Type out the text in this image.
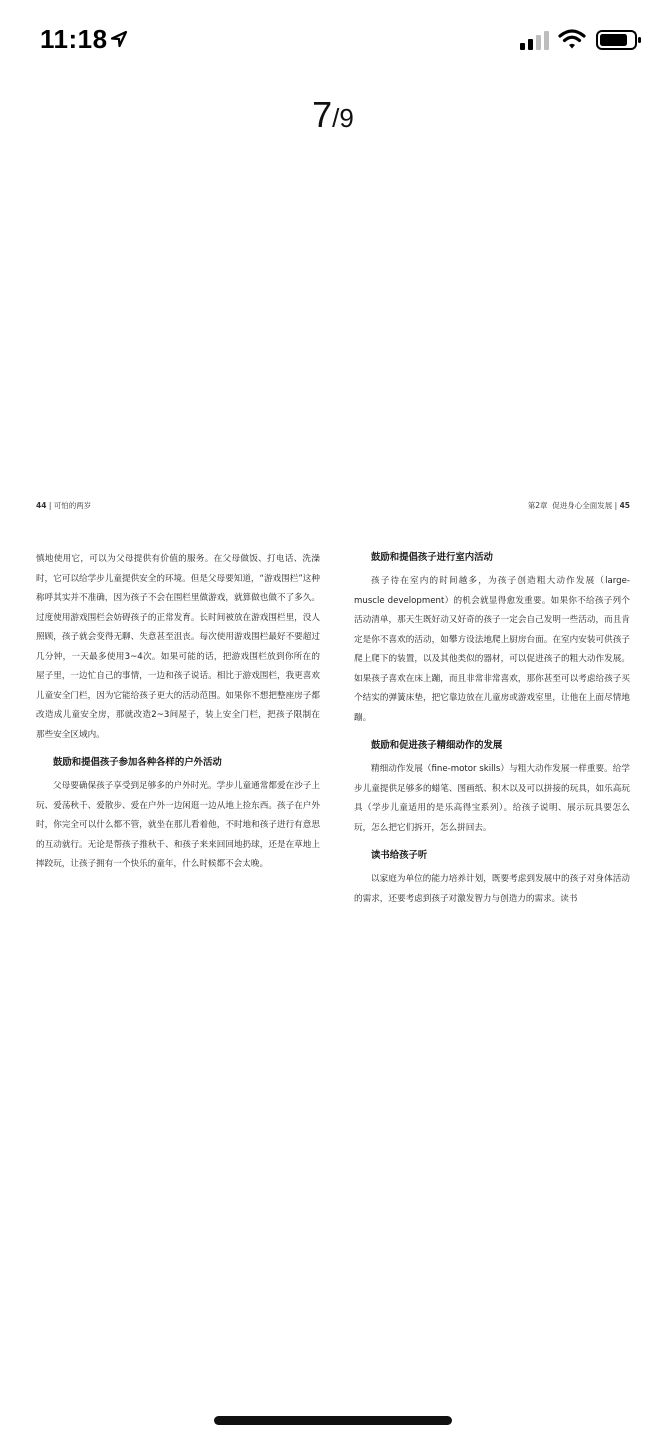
11:18
7/9
44 | 可怕的两岁

慎地使用它，可以为父母提供有价值的服务。在父母做饭、打电话、洗澡时，它可以给学步儿童提供安全的环境。但是父母要知道，“游戏围栏”这种称呼其实并不准确，因为孩子不会在围栏里做游戏，就算做也做不了多久。过度使用游戏围栏会妨碍孩子的正常发育。长时间被放在游戏围栏里，没人照顾，孩子就会变得无聊、失意甚至沮丧。每次使用游戏围栏最好不要超过几分钟，一天最多使用3~4次。如果可能的话，把游戏围栏放到你所在的屋子里，一边忙自己的事情，一边和孩子说话。相比于游戏围栏，我更喜欢儿童安全门栏，因为它能给孩子更大的活动范围。如果你不想把整座房子都改造成儿童安全房，那就改造2~3间屋子，装上安全门栏，把孩子限制在那些安全区域内。

鼓励和提倡孩子参加各种各样的户外活动

父母要确保孩子享受到足够多的户外时光。学步儿童通常都爱在沙子上玩、爱荡秋千、爱散步、爱在户外一边闲逛一边从地上捡东西。孩子在户外时，你完全可以什么都不管，就坐在那儿看着他，不时地和孩子进行有意思的互动就行。无论是帮孩子推秋千、和孩子来来回回地扔球，还是在草地上摔跤玩，让孩子拥有一个快乐的童年，什么时候都不会太晚。

第2章 促进身心全面发展 | 45

鼓励和提倡孩子进行室内活动

孩子待在室内的时间越多，为孩子创造粗大动作发展（large-muscle development）的机会就显得愈发重要。如果你不给孩子列个活动清单，那天生既好动又好奇的孩子一定会自己发明一些活动，而且肯定是你不喜欢的活动，如攀方设法地爬上厨房台面。在室内安装可供孩子爬上爬下的装置，以及其他类似的器材，可以促进孩子的粗大动作发展。如果孩子喜欢在床上蹦，而且非常非常喜欢，那你甚至可以考虑给孩子买个结实的弹簧床垫，把它靠边放在儿童房或游戏室里，让他在上面尽情地蹦。

鼓励和促进孩子精细动作的发展

精细动作发展（fine-motor skills）与粗大动作发展一样重要。给学步儿童提供足够多的蜡笔、图画纸、积木以及可以拼接的玩具，如乐高玩具（学步儿童适用的是乐高得宝系列）。给孩子说明、展示玩具要怎么玩，怎么把它们拆开，怎么拼回去。

读书给孩子听

以家庭为单位的能力培养计划，既要考虑到发展中的孩子对身体活动的需求，还要考虑到孩子对激发智力与创造力的需求。读书
